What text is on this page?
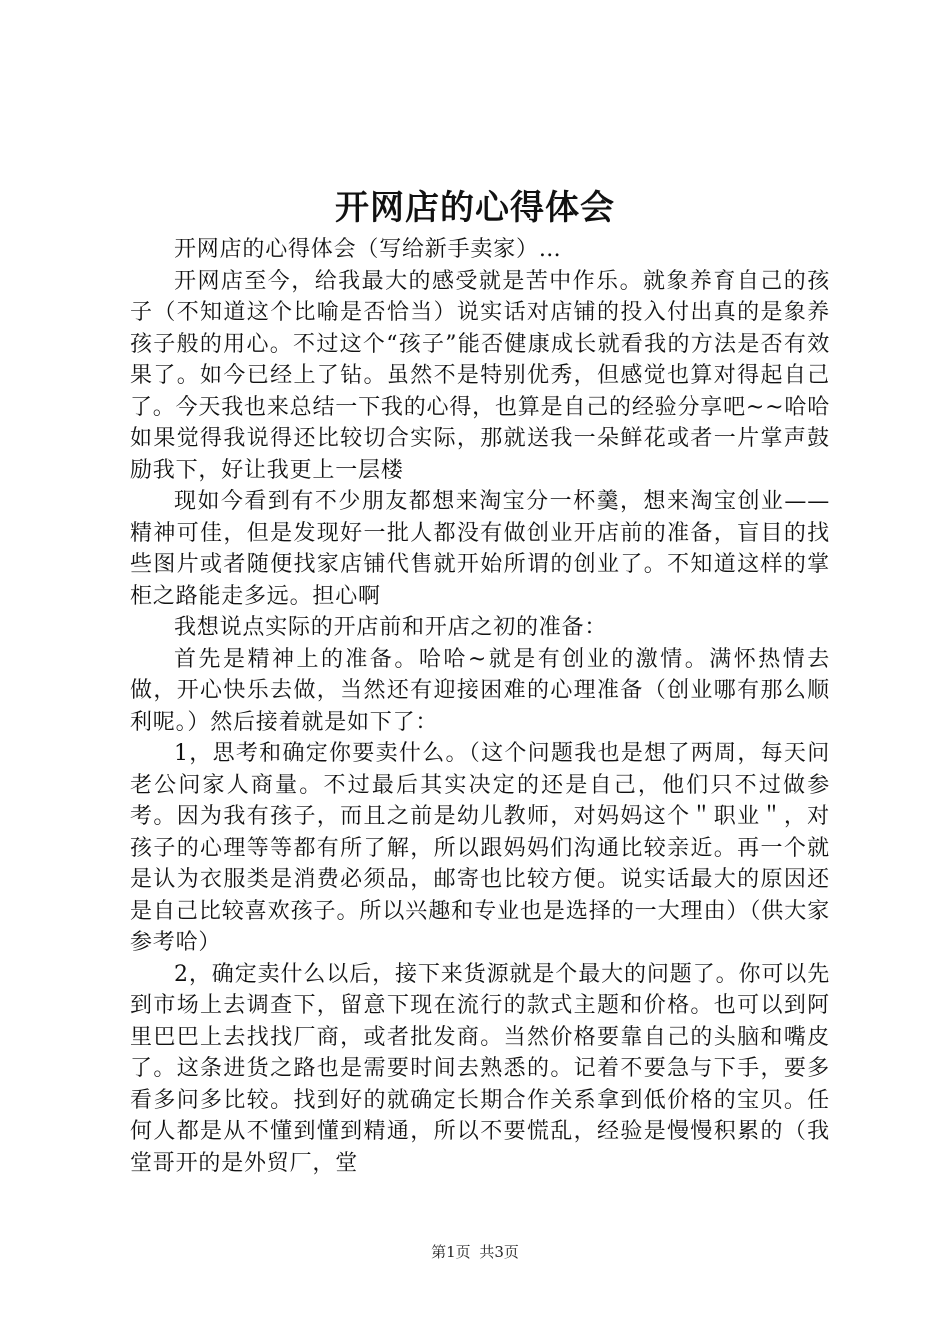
开网店的心得体会

开网店的心得体会（写给新手卖家）…

开网店至今，给我最大的感受就是苦中作乐。就象养育自己的孩子（不知道这个比喻是否恰当）说实话对店铺的投入付出真的是象养孩子般的用心。不过这个“孩子”能否健康成长就看我的方法是否有效果了。如今已经上了钻。虽然不是特别优秀，但感觉也算对得起自己了。今天我也来总结一下我的心得，也算是自己的经验分享吧~~哈哈如果觉得我说得还比较切合实际，那就送我一朵鲜花或者一片掌声鼓励我下，好让我更上一层楼

现如今看到有不少朋友都想来淘宝分一杯羹，想来淘宝创业——精神可佳，但是发现好一批人都没有做创业开店前的准备，盲目的找些图片或者随便找家店铺代售就开始所谓的创业了。不知道这样的掌柜之路能走多远。担心啊

我想说点实际的开店前和开店之初的准备：

首先是精神上的准备。哈哈~就是有创业的激情。满怀热情去做，开心快乐去做，当然还有迎接困难的心理准备（创业哪有那么顺利呢。）然后接着就是如下了：

1，思考和确定你要卖什么。（这个问题我也是想了两周，每天问老公问家人商量。不过最后其实决定的还是自己，他们只不过做参考。因为我有孩子，而且之前是幼儿教师，对妈妈这个＂职业＂，对孩子的心理等等都有所了解，所以跟妈妈们沟通比较亲近。再一个就是认为衣服类是消费必须品，邮寄也比较方便。说实话最大的原因还是自己比较喜欢孩子。所以兴趣和专业也是选择的一大理由）（供大家参考哈）

2，确定卖什么以后，接下来货源就是个最大的问题了。你可以先到市场上去调查下，留意下现在流行的款式主题和价格。也可以到阿里巴巴上去找找厂商，或者批发商。当然价格要靠自己的头脑和嘴皮了。这条进货之路也是需要时间去熟悉的。记着不要急与下手，要多看多问多比较。找到好的就确定长期合作关系拿到低价格的宝贝。任何人都是从不懂到懂到精通，所以不要慌乱，经验是慢慢积累的（我堂哥开的是外贸厂，堂

第1页 共3页
